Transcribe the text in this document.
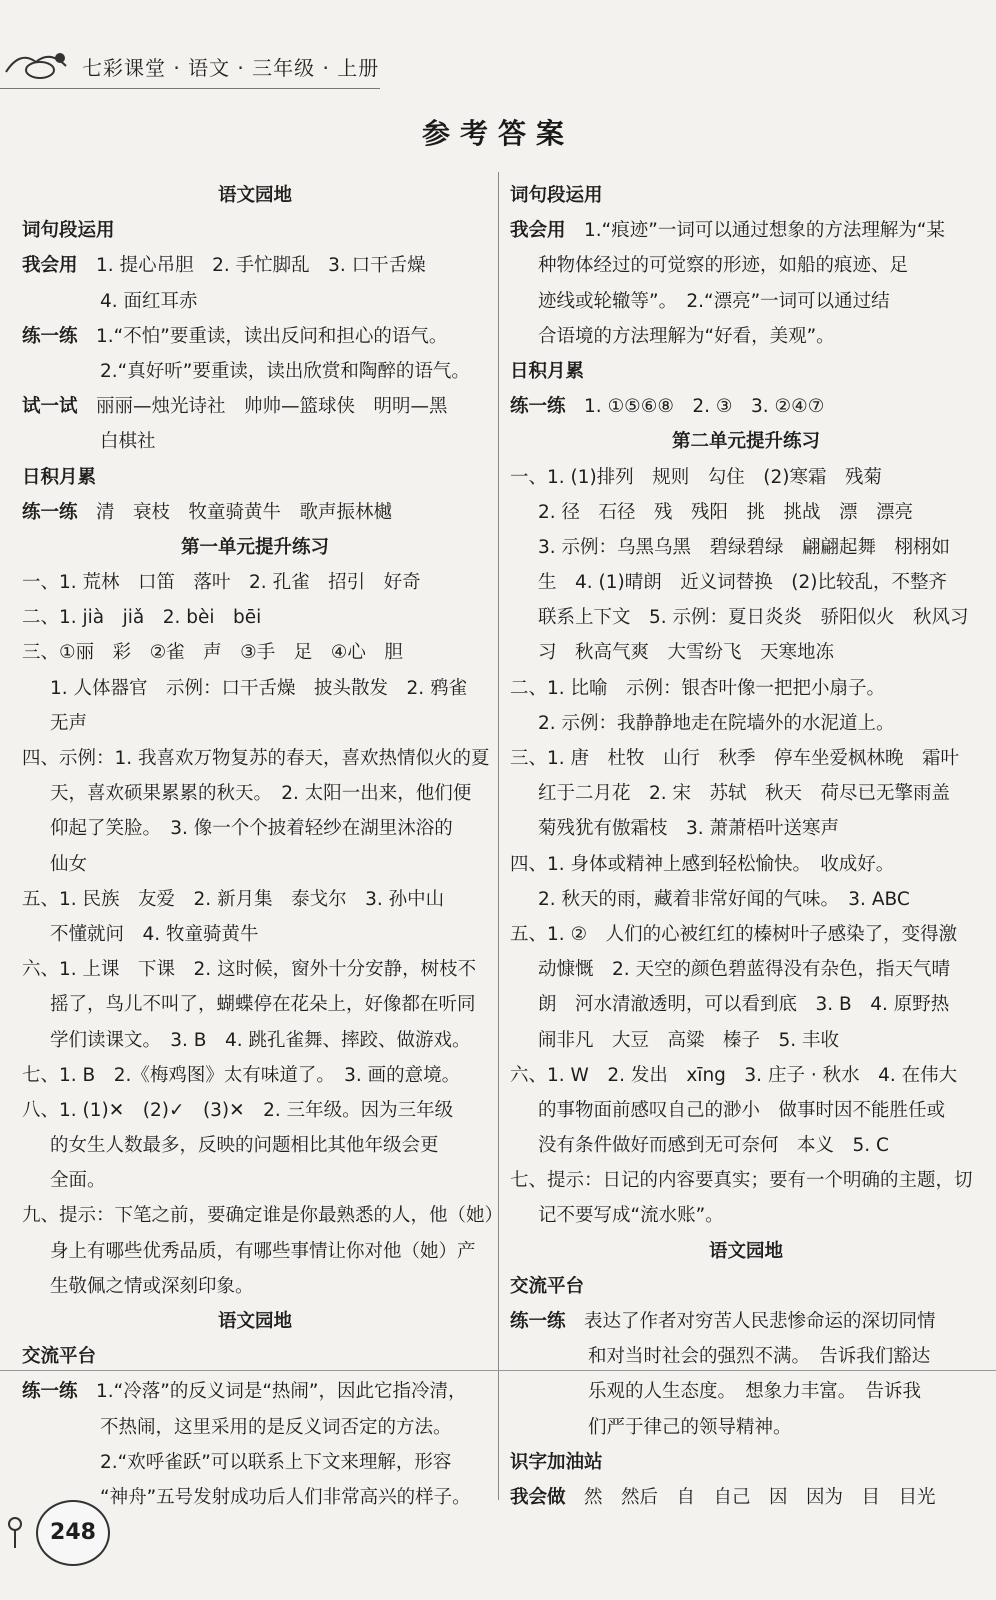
七彩课堂 · 语文 · 三年级 · 上册
参考答案
语文园地
词句段运用
我会用　 1. 提心吊胆　2. 手忙脚乱　3. 口干舌燥
4. 面红耳赤
练一练　 1.“不怕”要重读，读出反问和担心的语气。
2.“真好听”要重读，读出欣赏和陶醉的语气。
试一试　 丽丽—烛光诗社　帅帅—篮球侠　明明—黑
白棋社
日积月累
练一练　 清　衰枝　牧童骑黄牛　歌声振林樾
第一单元提升练习
一、1. 荒林　口笛　落叶　2. 孔雀　招引　好奇
二、1. jià　jiǎ　2. bèi　bēi
三、①丽　彩　②雀　声　③手　足　④心　胆
1. 人体器官　示例：口干舌燥　披头散发　2. 鸦雀
无声
四、示例：1. 我喜欢万物复苏的春天，喜欢热情似火的夏
天，喜欢硕果累累的秋天。　2. 太阳一出来，他们便
仰起了笑脸。　3. 像一个个披着轻纱在湖里沐浴的
仙女
五、1. 民族　友爱　2. 新月集　泰戈尔　3. 孙中山
不懂就问　4. 牧童骑黄牛
六、1. 上课　下课　2. 这时候，窗外十分安静，树枝不
摇了，鸟儿不叫了，蝴蝶停在花朵上，好像都在听同
学们读课文。　3. B　4. 跳孔雀舞、摔跤、做游戏。
七、1. B　2.《梅鸡图》太有味道了。　3. 画的意境。
八、1. (1)✕　(2)✓　(3)✕　2. 三年级。因为三年级
的女生人数最多，反映的问题相比其他年级会更
全面。
九、提示：下笔之前，要确定谁是你最熟悉的人，他（她）
身上有哪些优秀品质，有哪些事情让你对他（她）产
生敬佩之情或深刻印象。
语文园地
交流平台
练一练　 1.“冷落”的反义词是“热闹”，因此它指冷清，
不热闹，这里采用的是反义词否定的方法。
2.“欢呼雀跃”可以联系上下文来理解，形容
“神舟”五号发射成功后人们非常高兴的样子。
词句段运用
我会用　 1.“痕迹”一词可以通过想象的方法理解为“某
种物体经过的可觉察的形迹，如船的痕迹、足
迹线或轮辙等”。　2.“漂亮”一词可以通过结
合语境的方法理解为“好看，美观”。
日积月累
练一练　 1. ①⑤⑥⑧　2. ③　3. ②④⑦
第二单元提升练习
一、1. (1)排列　规则　勾住　(2)寒霜　残菊
2. 径　石径　残　残阳　挑　挑战　漂　漂亮
3. 示例：乌黑乌黑　碧绿碧绿　翩翩起舞　栩栩如
生　4. (1)晴朗　近义词替换　(2)比较乱，不整齐
联系上下文　5. 示例：夏日炎炎　骄阳似火　秋风习
习　秋高气爽　大雪纷飞　天寒地冻
二、1. 比喻　示例：银杏叶像一把把小扇子。
2. 示例：我静静地走在院墙外的水泥道上。
三、1. 唐　杜牧　山行　秋季　停车坐爱枫林晚　霜叶
红于二月花　2. 宋　苏轼　秋天　荷尽已无擎雨盖
菊残犹有傲霜枝　3. 萧萧梧叶送寒声
四、1. 身体或精神上感到轻松愉快。　收成好。
2. 秋天的雨，藏着非常好闻的气味。　3. ABC
五、1. ②　人们的心被红红的榛树叶子感染了，变得激
动慷慨　2. 天空的颜色碧蓝得没有杂色，指天气晴
朗　河水清澈透明，可以看到底　3. B　4. 原野热
闹非凡　大豆　高粱　榛子　5. 丰收
六、1. W　2. 发出　xīng　3. 庄子 · 秋水　4. 在伟大
的事物面前感叹自己的渺小　做事时因不能胜任或
没有条件做好而感到无可奈何　本义　5. C
七、提示：日记的内容要真实；要有一个明确的主题，切
记不要写成“流水账”。
语文园地
交流平台
练一练　 表达了作者对穷苦人民悲惨命运的深切同情
和对当时社会的强烈不满。　告诉我们豁达
乐观的人生态度。　想象力丰富。　告诉我
们严于律己的领导精神。
识字加油站
我会做　 然　然后　自　自己　因　因为　目　目光
248
